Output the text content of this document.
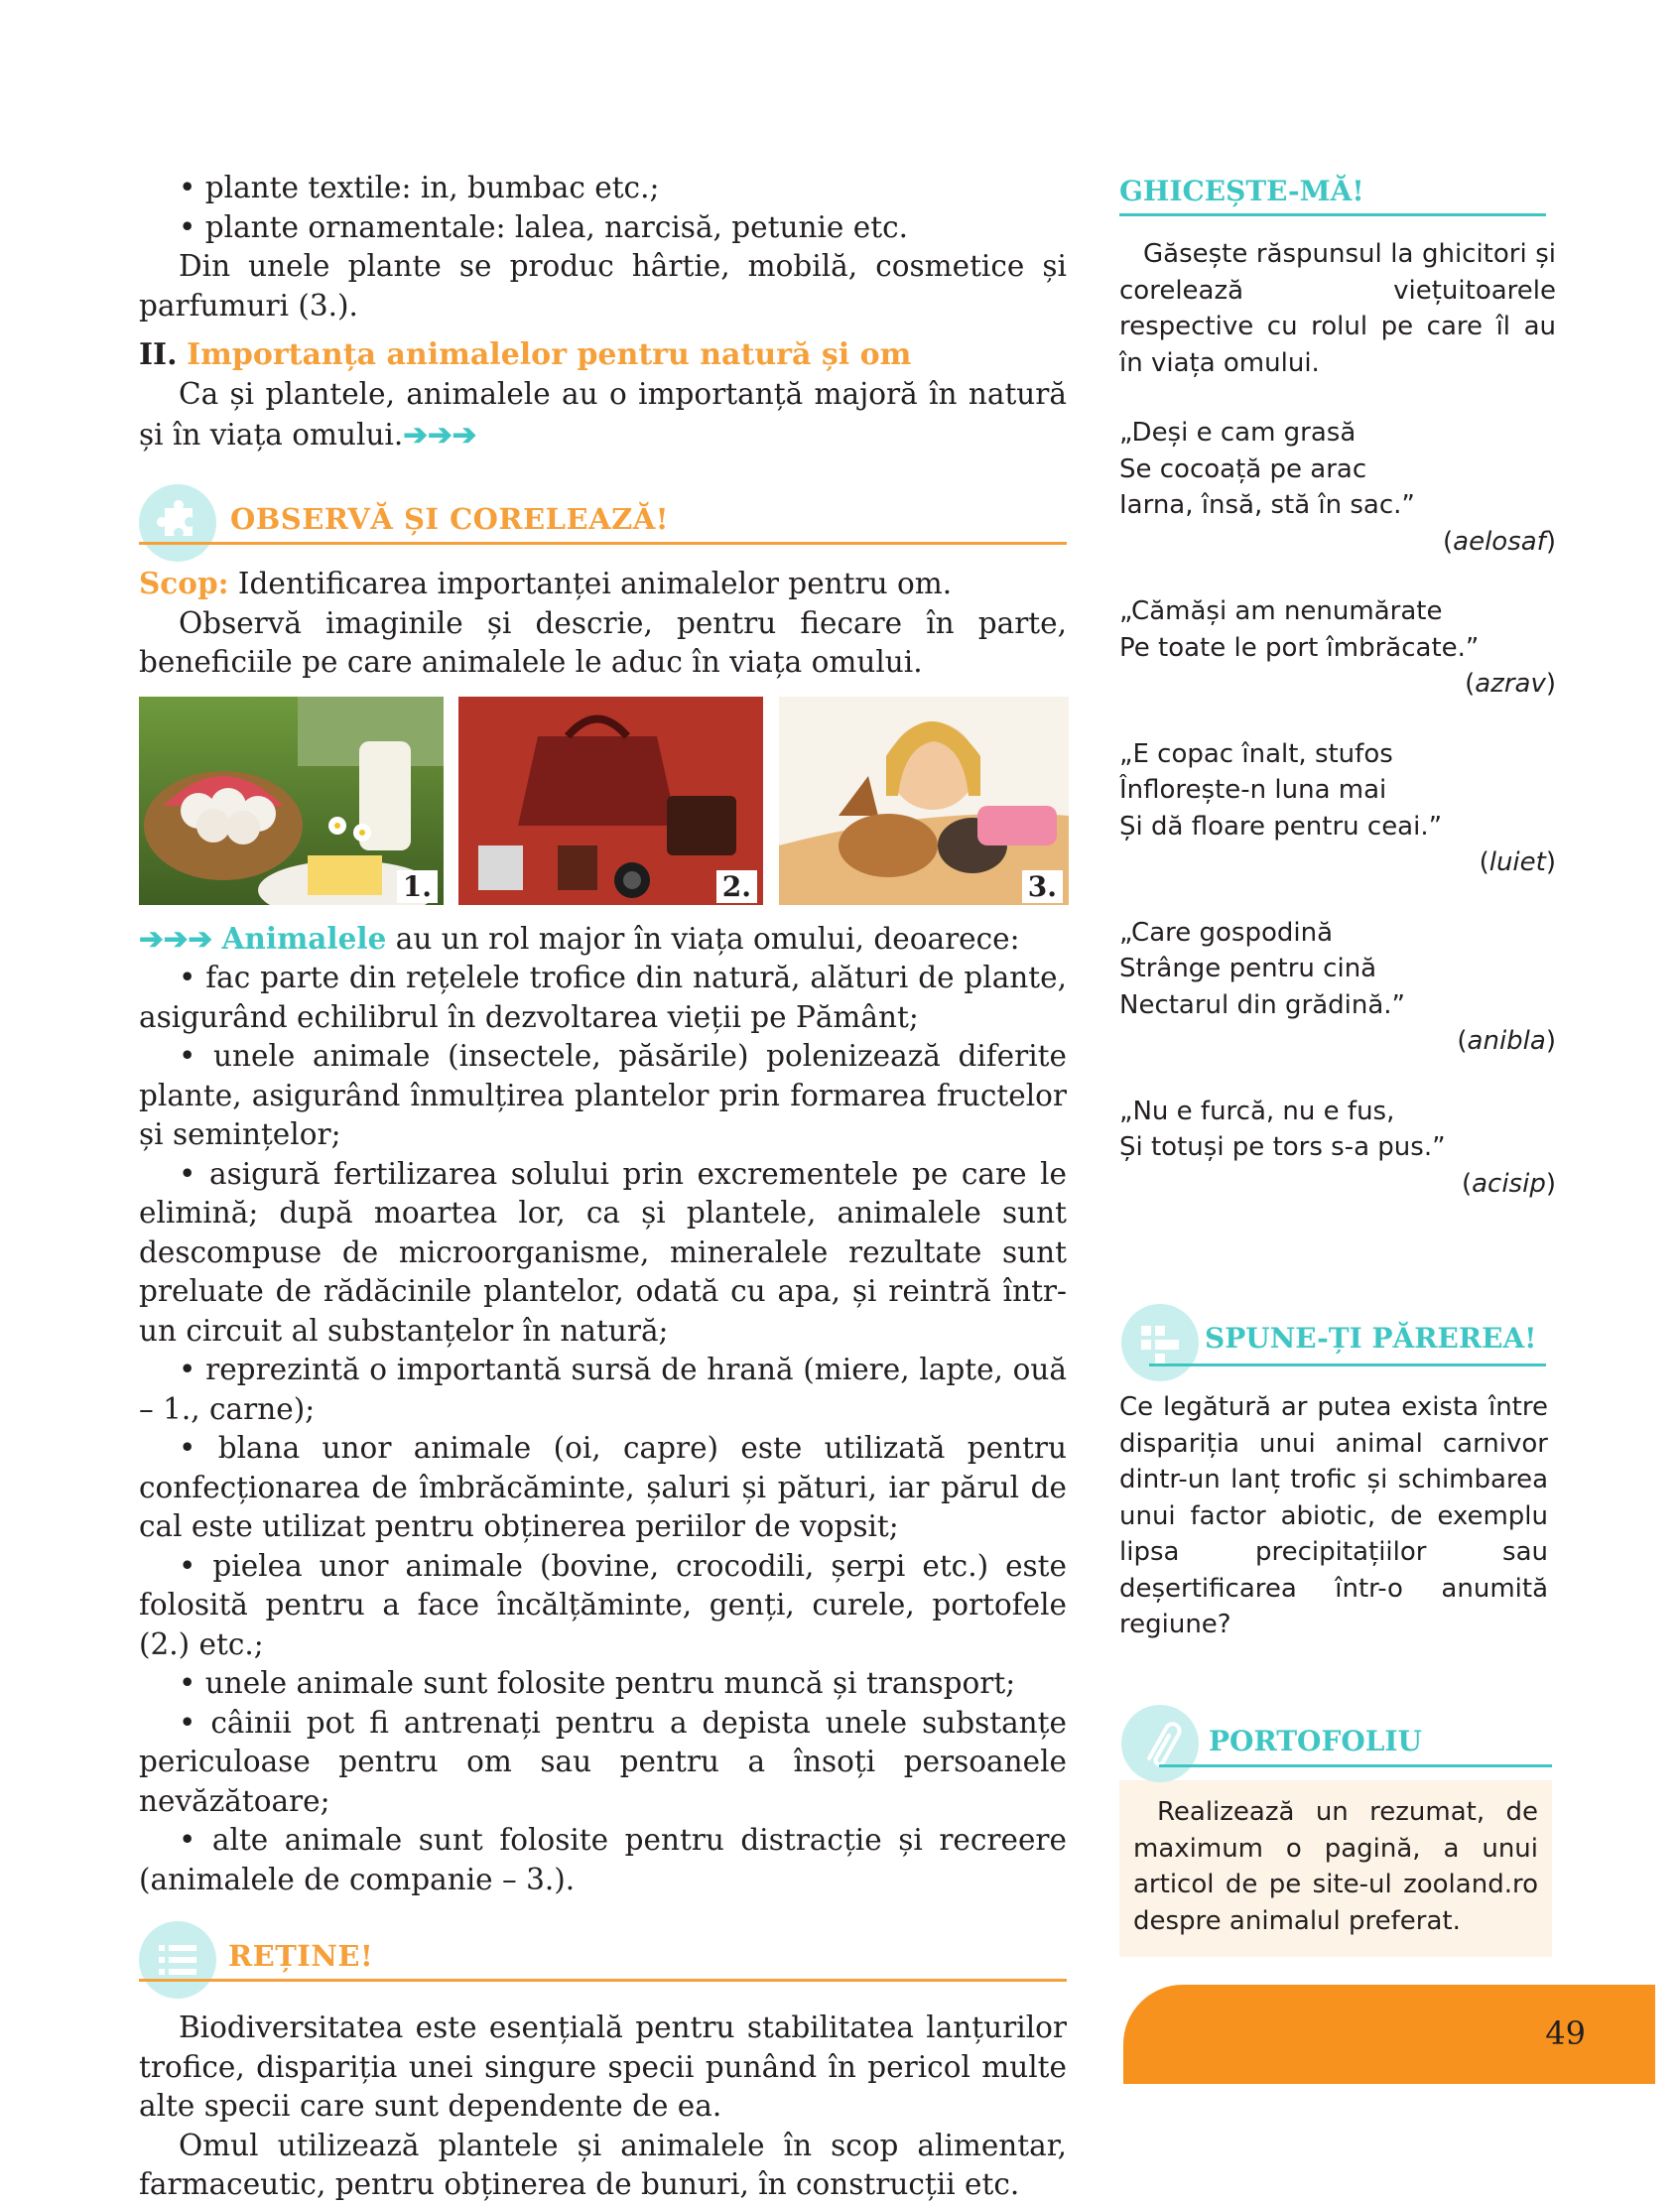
• plante textile: in, bumbac etc.;

• plante ornamentale: lalea, narcisă, petunie etc.

Din unele plante se produc hârtie, mobilă, cosmetice și parfumuri (3.).

II. Importanța animalelor pentru natură și om

Ca și plantele, animalele au o importanță majoră în natură și în viața omului.➔➔➔

OBSERVĂ ȘI CORELEAZĂ!

Scop: Identificarea importanței animalelor pentru om.

Observă imaginile și descrie, pentru fiecare în parte, beneficiile pe care animalele le aduc în viața omului.

1.	2.	3.

➔➔➔ Animalele au un rol major în viața omului, deoarece:

• fac parte din rețelele trofice din natură, alături de plante, asigurând echilibrul în dezvoltarea vieții pe Pământ;

• unele animale (insectele, păsările) polenizează diferite plante, asigurând înmulțirea plantelor prin formarea fructelor și semințelor;

• asigură fertilizarea solului prin excrementele pe care le elimină; după moartea lor, ca și plantele, animalele sunt descompuse de microorganisme, mineralele rezultate sunt preluate de rădăcinile plantelor, odată cu apa, și reintră într-un circuit al substanțelor în natură;

• reprezintă o importantă sursă de hrană (miere, lapte, ouă – 1., carne);

• blana unor animale (oi, capre) este utilizată pentru confecționarea de îmbrăcăminte, șaluri și pături, iar părul de cal este utilizat pentru obținerea periilor de vopsit;

• pielea unor animale (bovine, crocodili, șerpi etc.) este folosită pentru a face încălțăminte, genți, curele, portofele (2.) etc.;

• unele animale sunt folosite pentru muncă și transport;

• câinii pot fi antrenați pentru a depista unele substanțe periculoase pentru om sau pentru a însoți persoanele nevăzătoare;

• alte animale sunt folosite pentru distracție și recreere (animalele de companie – 3.).

REȚINE!

Biodiversitatea este esențială pentru stabilitatea lanțurilor trofice, dispariția unei singure specii punând în pericol multe alte specii care sunt dependente de ea.

Omul utilizează plantele și animalele în scop alimentar, farmaceutic, pentru obținerea de bunuri, în construcții etc.

GHICEȘTE-MĂ!

Găsește răspunsul la ghicitori și corelează viețuitoarele respective cu rolul pe care îl au în viața omului.

„Deși e cam grasă

Se cocoață pe arac

Iarna, însă, stă în sac.”

(aelosaf)

„Cămăși am nenumărate

Pe toate le port îmbrăcate.”

(azrav)

„E copac înalt, stufos

Înflorește-n luna mai

Și dă floare pentru ceai.”

(luiet)

„Care gospodină

Strânge pentru cină

Nectarul din grădină.”

(anibla)

„Nu e furcă, nu e fus,

Și totuși pe tors s-a pus.”

(acisip)

SPUNE-ȚI PĂREREA!

Ce legătură ar putea exista între dispariția unui animal carnivor dintr-un lanț trofic și schimbarea unui factor abiotic, de exemplu lipsa precipitațiilor sau deșertificarea într-o anumită regiune?

PORTOFOLIU

Realizează un rezumat, de maximum o pagină, a unui articol de pe site-ul zooland.ro despre animalul preferat.

49
